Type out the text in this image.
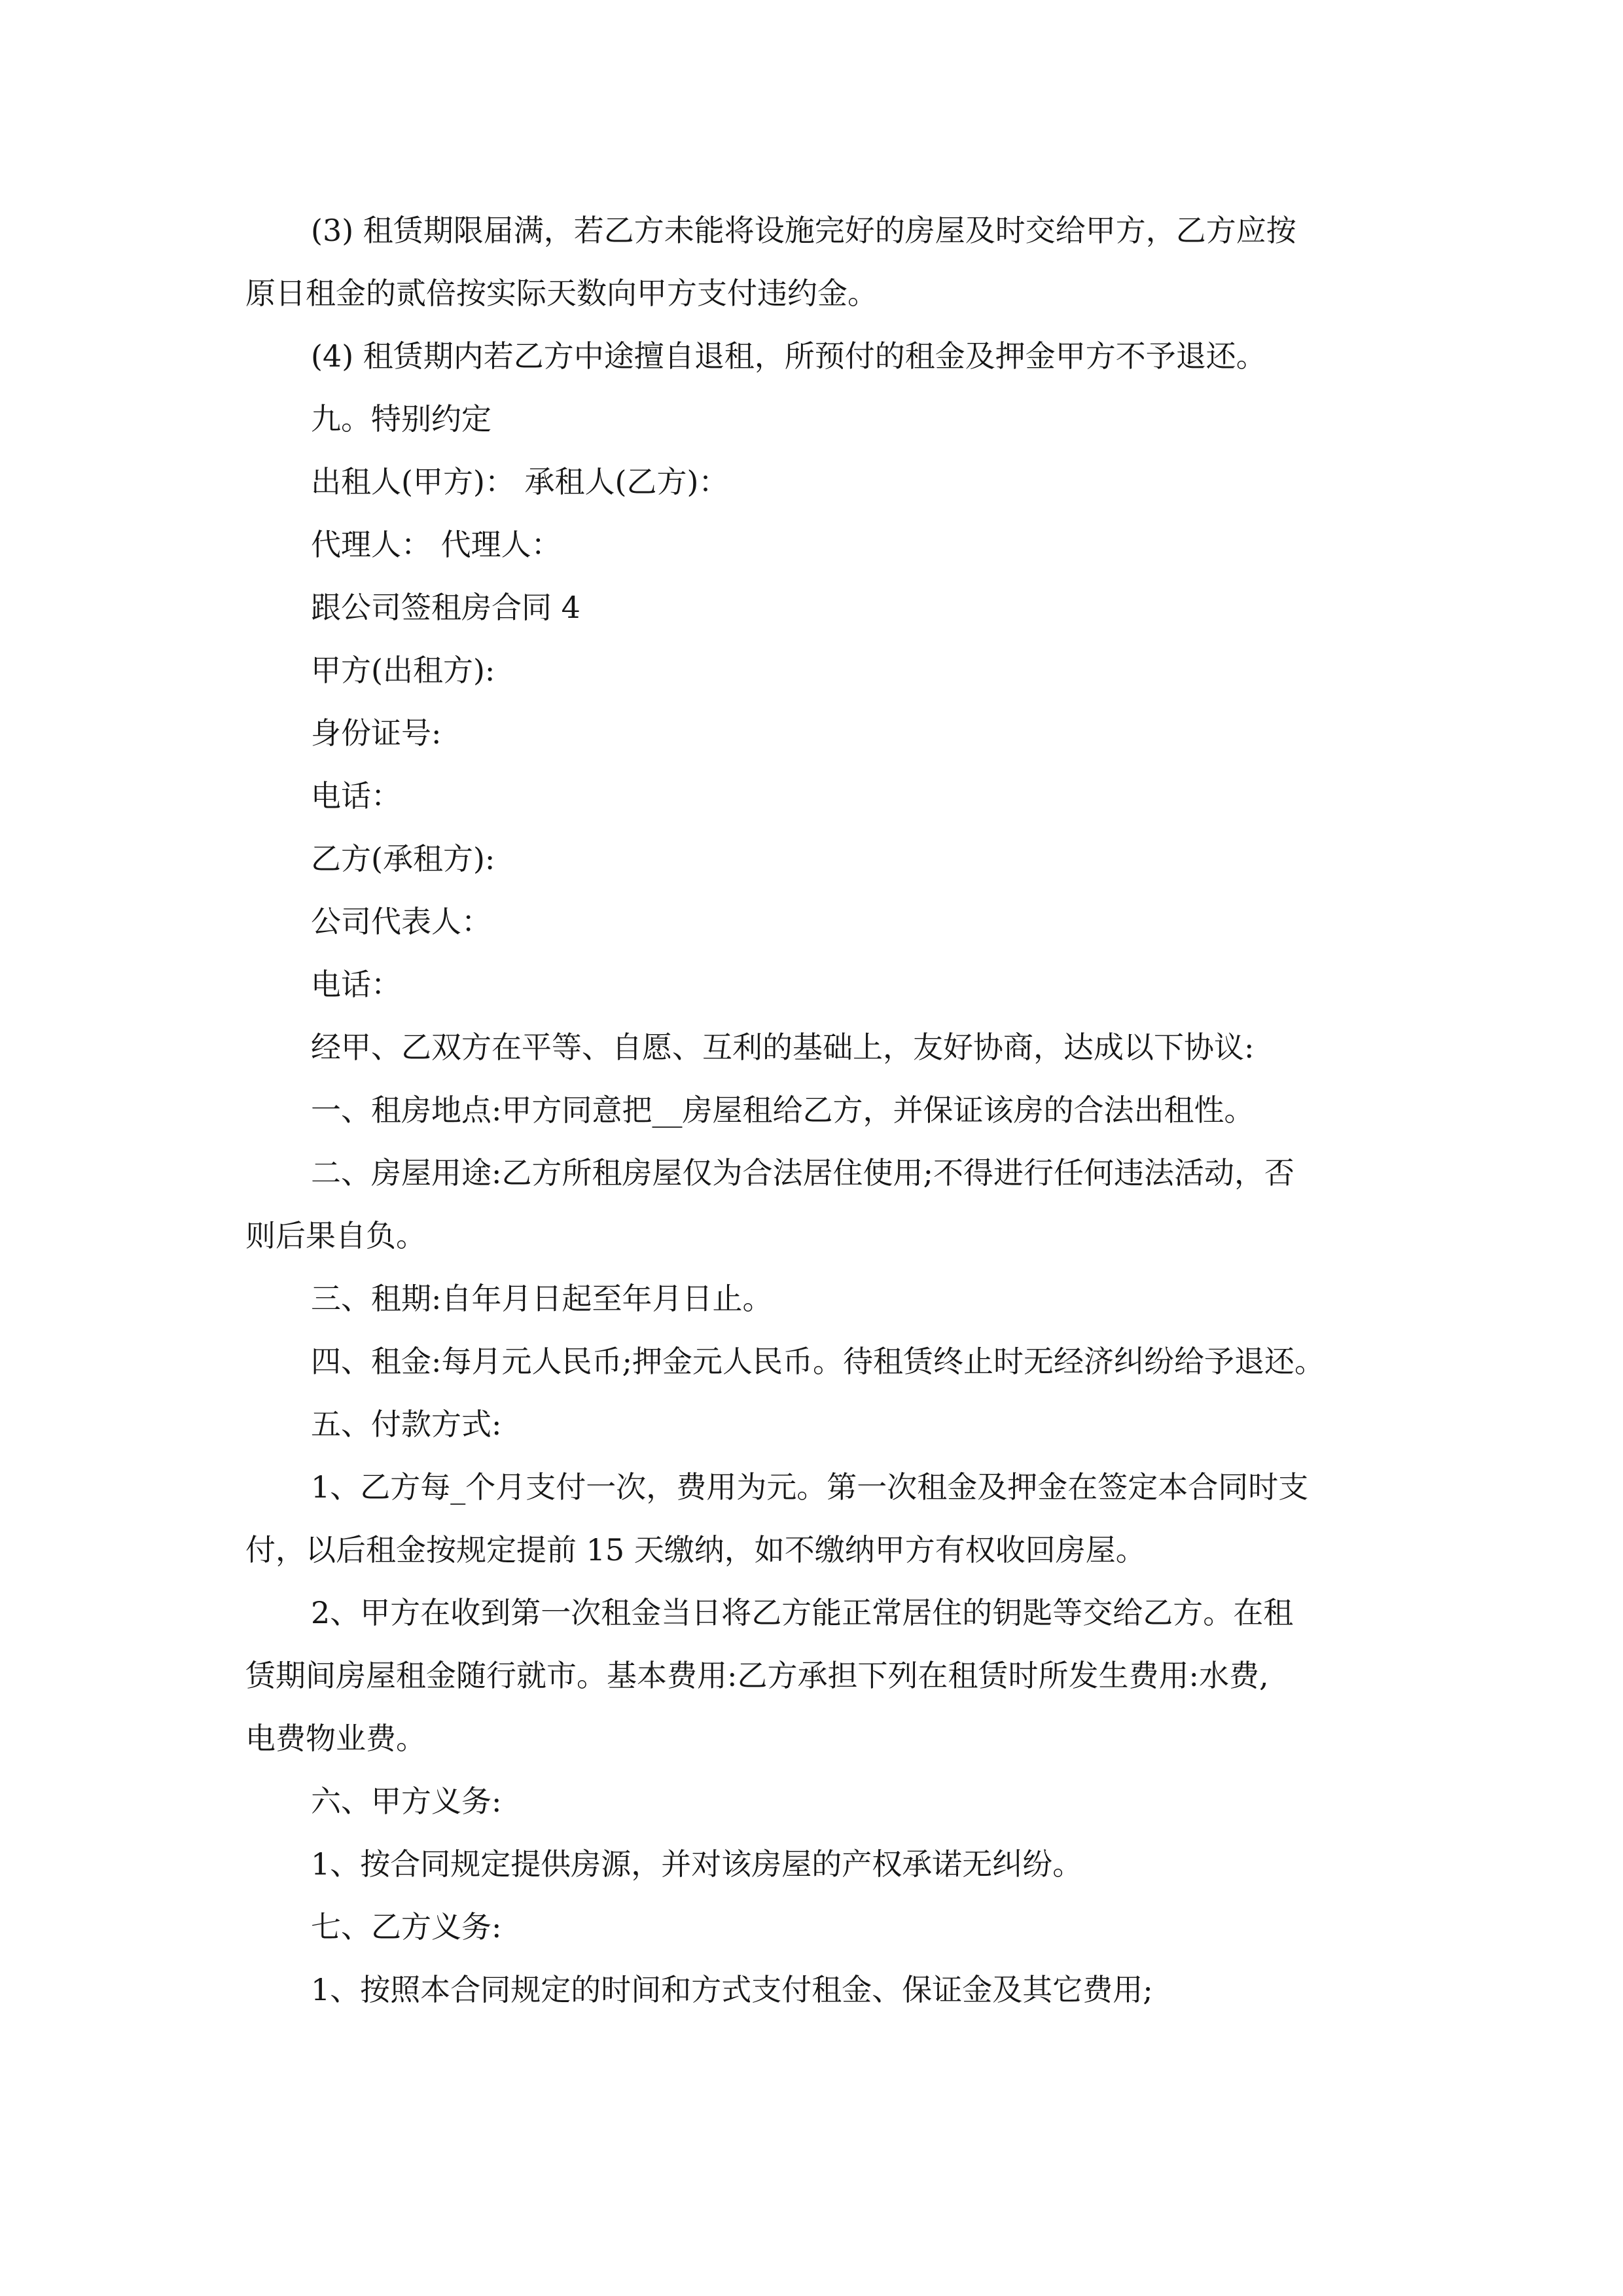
(3) 租赁期限届满，若乙方未能将设施完好的房屋及时交给甲方，乙方应按
原日租金的贰倍按实际天数向甲方支付违约金。
(4) 租赁期内若乙方中途擅自退租，所预付的租金及押金甲方不予退还。
九。特别约定
出租人(甲方)： 承租人(乙方)：
代理人： 代理人：
跟公司签租房合同 4
甲方(出租方):
身份证号:
电话：
乙方(承租方):
公司代表人：
电话：
经甲、乙双方在平等、自愿、互利的基础上，友好协商，达成以下协议:
一、租房地点:甲方同意把__房屋租给乙方，并保证该房的合法出租性。
二、房屋用途:乙方所租房屋仅为合法居住使用;不得进行任何违法活动，否
则后果自负。
三、租期:自年月日起至年月日止。
四、租金:每月元人民币;押金元人民币。待租赁终止时无经济纠纷给予退还。
五、付款方式:
1、乙方每_个月支付一次，费用为元。第一次租金及押金在签定本合同时支
付，以后租金按规定提前 15 天缴纳，如不缴纳甲方有权收回房屋。
2、甲方在收到第一次租金当日将乙方能正常居住的钥匙等交给乙方。在租
赁期间房屋租金随行就市。基本费用:乙方承担下列在租赁时所发生费用:水费,
电费物业费。
六、甲方义务:
1、按合同规定提供房源，并对该房屋的产权承诺无纠纷。
七、乙方义务:
1、按照本合同规定的时间和方式支付租金、保证金及其它费用;
